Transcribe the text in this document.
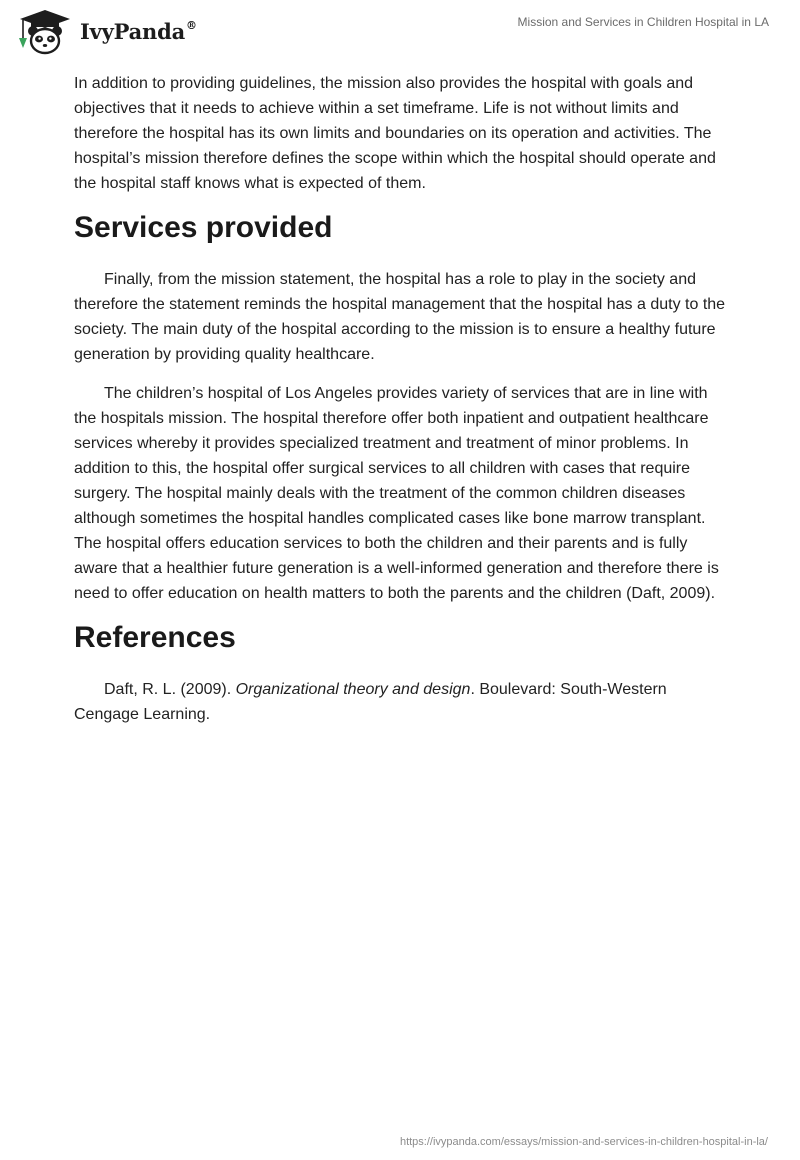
IvyPanda®	Mission and Services in Children Hospital in LA

In addition to providing guidelines, the mission also provides the hospital with goals and objectives that it needs to achieve within a set timeframe. Life is not without limits and therefore the hospital has its own limits and boundaries on its operation and activities. The hospital’s mission therefore defines the scope within which the hospital should operate and the hospital staff knows what is expected of them.

Services provided

Finally, from the mission statement, the hospital has a role to play in the society and therefore the statement reminds the hospital management that the hospital has a duty to the society. The main duty of the hospital according to the mission is to ensure a healthy future generation by providing quality healthcare.

The children’s hospital of Los Angeles provides variety of services that are in line with the hospitals mission. The hospital therefore offer both inpatient and outpatient healthcare services whereby it provides specialized treatment and treatment of minor problems. In addition to this, the hospital offer surgical services to all children with cases that require surgery. The hospital mainly deals with the treatment of the common children diseases although sometimes the hospital handles complicated cases like bone marrow transplant. The hospital offers education services to both the children and their parents and is fully aware that a healthier future generation is a well-informed generation and therefore there is need to offer education on health matters to both the parents and the children (Daft, 2009).

References

Daft, R. L. (2009). Organizational theory and design. Boulevard: South-Western Cengage Learning.

https://ivypanda.com/essays/mission-and-services-in-children-hospital-in-la/
